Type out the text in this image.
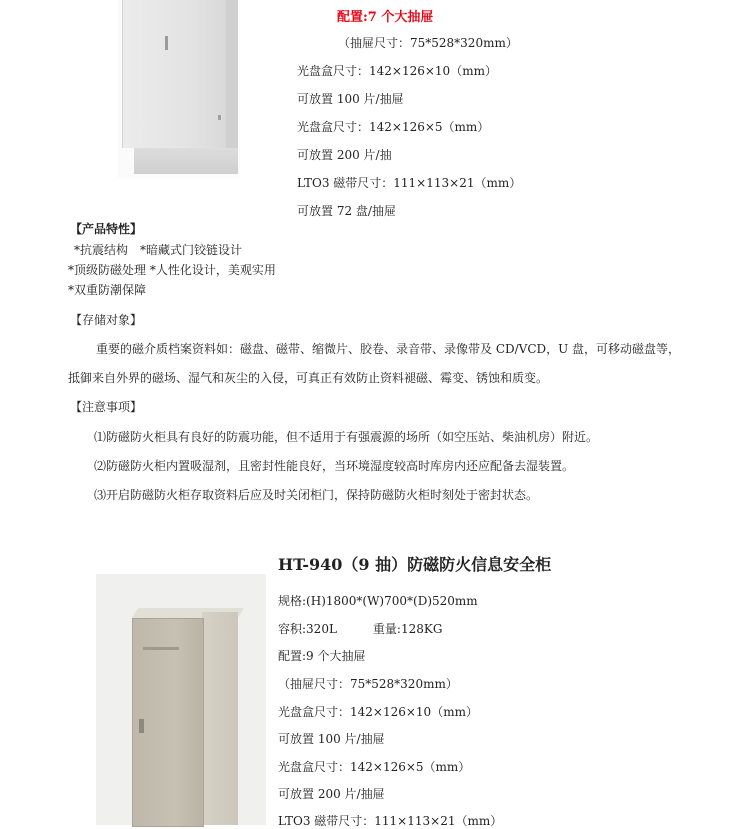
配置:7 个大抽屉
（抽屉尺寸：75*528*320mm）
光盘盒尺寸：142×126×10（mm）
可放置 100 片/抽屉
光盘盒尺寸：142×126×5（mm）
可放置 200 片/抽
LTO3 磁带尺寸：111×113×21（mm）
可放置 72 盘/抽屉
【产品特性】
*抗震结构　*暗藏式门铰链设计
*顶级防磁处理 *人性化设计，美观实用
*双重防潮保障
【存储对象】
重要的磁介质档案资料如：磁盘、磁带、缩微片、胶卷、录音带、录像带及 CD/VCD，U 盘，可移动磁盘等，
抵御来自外界的磁场、湿气和灰尘的入侵，可真正有效防止资料褪磁、霉变、锈蚀和质变。
【注意事项】
⑴防磁防火柜具有良好的防震功能，但不适用于有强震源的场所（如空压站、柴油机房）附近。
⑵防磁防火柜内置吸湿剂，且密封性能良好，当环境湿度较高时库房内还应配备去湿装置。
⑶开启防磁防火柜存取资料后应及时关闭柜门，保持防磁防火柜时刻处于密封状态。
HT-940（9 抽）防磁防火信息安全柜
规格:(H)1800*(W)700*(D)520mm
容积:320L　　　重量:128KG
配置:9 个大抽屉
（抽屉尺寸：75*528*320mm）
光盘盒尺寸：142×126×10（mm）
可放置 100 片/抽屉
光盘盒尺寸：142×126×5（mm）
可放置 200 片/抽屉
LTO3 磁带尺寸：111×113×21（mm）
